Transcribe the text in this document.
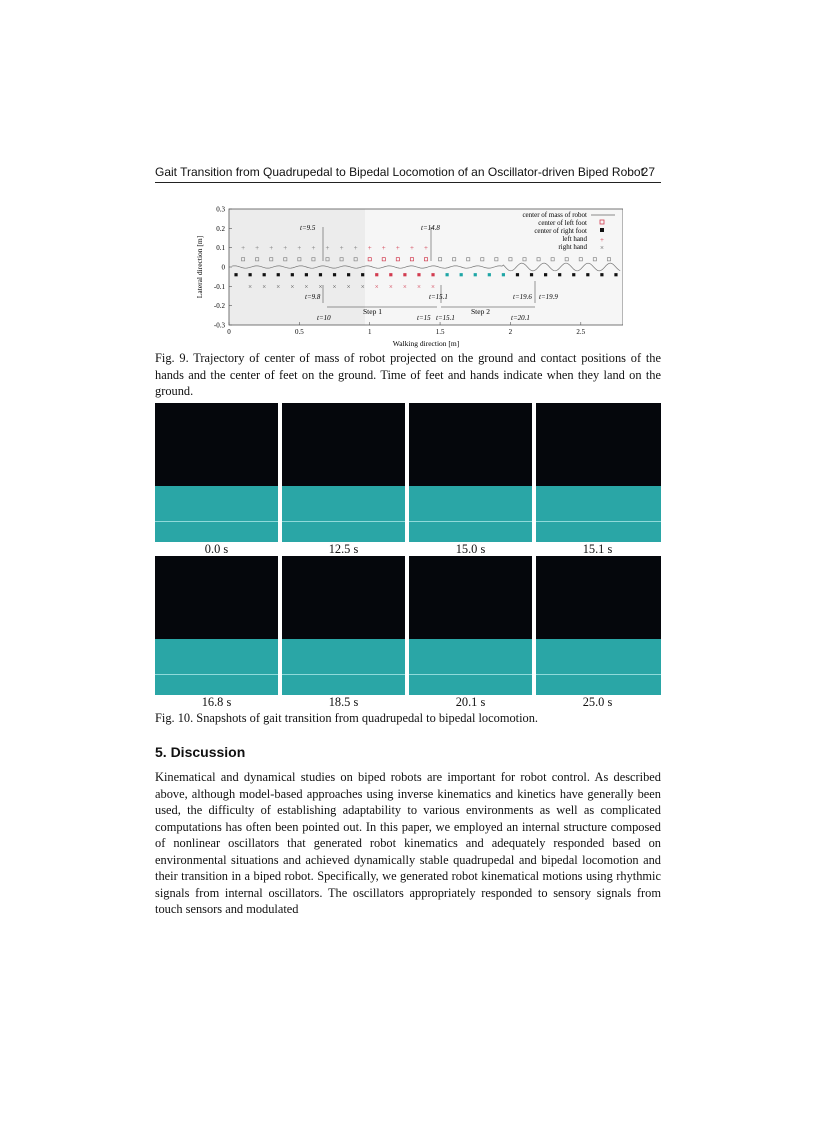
Gait Transition from Quadrupedal to Bipedal Locomotion of an Oscillator-driven Biped Robot
27
0.3
0.2
0.1
0
-0.1
-0.2
-0.3
0	0.5	1	1.5	2	2.5
+ + + + + + + + + + + + + +
× × × × × × × × × × × × × ×
t=9.5	t=14.8
t=9.8
t=10
Step 1
t=15.1
t=15 t=15.1
t=19.6 t=19.9
Step 2
t=20.1
Walking direction [m]
Lateral direction [m]
center of mass of robot
center of left foot
center of right foot
left hand +
right hand ×
Fig. 9. Trajectory of center of mass of robot projected on the ground and contact positions of the hands and the center of feet on the ground. Time of feet and hands indicate when they land on the ground.
0.0 s	12.5 s	15.0 s	15.1 s
16.8 s	18.5 s	20.1 s	25.0 s
Fig. 10. Snapshots of gait transition from quadrupedal to bipedal locomotion.
5. Discussion
Kinematical and dynamical studies on biped robots are important for robot control. As described above, although model-based approaches using inverse kinematics and kinetics have generally been used, the difficulty of establishing adaptability to various environments as well as complicated computations has often been pointed out. In this paper, we employed an internal structure composed of nonlinear oscillators that generated robot kinematics and adequately responded based on environmental situations and achieved dynamically stable quadrupedal and bipedal locomotion and their transition in a biped robot. Specifically, we generated robot kinematical motions using rhythmic signals from internal oscillators. The oscillators appropriately responded to sensory signals from touch sensors and modulated
